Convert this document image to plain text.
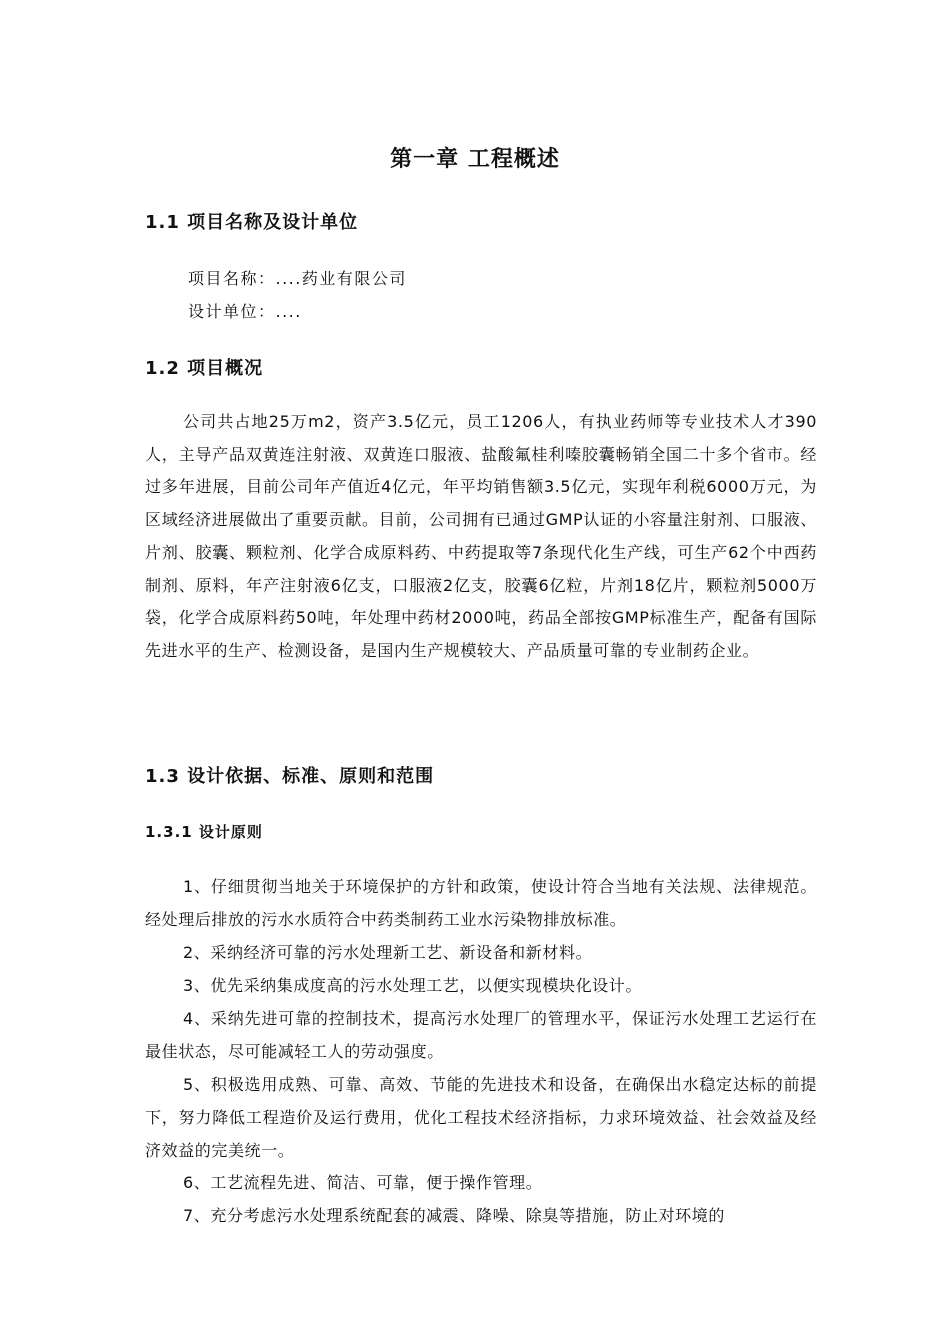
第一章 工程概述
1.1 项目名称及设计单位
项目名称：....药业有限公司
设计单位：....
1.2 项目概况

公司共占地25万m2，资产3.5亿元，员工1206人，有执业药师等专业技术人才390人，主导产品双黄连注射液、双黄连口服液、盐酸氟桂利嗪胶囊畅销全国二十多个省市。经过多年进展，目前公司年产值近4亿元，年平均销售额3.5亿元，实现年利税6000万元，为区域经济进展做出了重要贡献。目前，公司拥有已通过GMP认证的小容量注射剂、口服液、片剂、胶囊、颗粒剂、化学合成原料药、中药提取等7条现代化生产线，可生产62个中西药制剂、原料，年产注射液6亿支，口服液2亿支，胶囊6亿粒，片剂18亿片，颗粒剂5000万袋，化学合成原料药50吨，年处理中药材2000吨，药品全部按GMP标准生产，配备有国际先进水平的生产、检测设备，是国内生产规模较大、产品质量可靠的专业制药企业。

1.3 设计依据、标准、原则和范围
1.3.1 设计原则

1、仔细贯彻当地关于环境保护的方针和政策，使设计符合当地有关法规、法律规范。经处理后排放的污水水质符合中药类制药工业水污染物排放标准。

2、采纳经济可靠的污水处理新工艺、新设备和新材料。

3、优先采纳集成度高的污水处理工艺，以便实现模块化设计。

4、采纳先进可靠的控制技术，提高污水处理厂的管理水平，保证污水处理工艺运行在最佳状态，尽可能减轻工人的劳动强度。

5、积极选用成熟、可靠、高效、节能的先进技术和设备，在确保出水稳定达标的前提下，努力降低工程造价及运行费用，优化工程技术经济指标，力求环境效益、社会效益及经济效益的完美统一。

6、工艺流程先进、简洁、可靠，便于操作管理。

7、充分考虑污水处理系统配套的减震、降噪、除臭等措施，防止对环境的
